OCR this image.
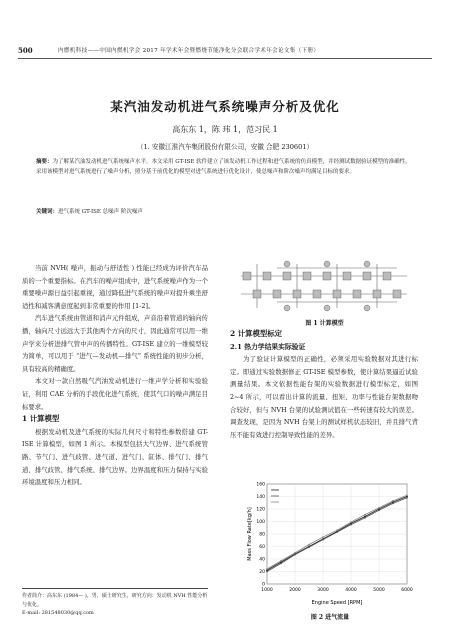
500	内燃机科技——中国内燃机学会 2017 年学术年会暨燃烧节能净化分会联合学术年会论文集（下册）
某汽油发动机进气系统噪声分析及优化
高东东 1，陈 玮 1，范习民 1
（1. 安徽江淮汽车集团股份有限公司，安徽 合肥 230601）
摘要：为了解某汽油发动机进气系统噪声水平，本文采用 GT-ISE 软件建立了该发动机工作过程和进气系统的仿真模型，并经测试数据验证模型的准确性，采用该模型对进气系统进行了噪声分析，照分基于前优化的模型对进气系统进行优化设计，使总噪声和阶次噪声均满足目标的要求。
关键词：进气系统 GT-ISE 总噪声 阶次噪声

当前 NVH( 噪声，振动与舒适性 ) 性能已经成为评价汽车品质的一个重要指标。在汽车的噪声组成中，进气系统噪声作为一个重要噪声源日益引起重视，通过降低进气系统的噪声对提升乘坐舒适性和减客满意度起到非常重要的作用 [1-2]。

汽车进气系统由管道和消声元件组成，声音沿着管道的轴向传播，轴向尺寸远远大于其他两个方向的尺寸，因此通常可以用一维声学来分析进排气管中声的传播特性。GT-ISE 建立的一维模型较为简单，可以用于 “进气—发动机—排气” 系统性能的初步分析，具有较高的精确度。

本文对一款自然吸气汽油发动机进行一维声学分析和实验验证，利用 CAE 分析的手段优化进气系统，使其气口的噪声满足目标要求。

1 计算模型

根据发动机及进气系统的实际几何尺寸和特性参数搭建 GT-ISE 计算模型，如图 1 所示。本模型包括大气边界、进气系统管路、节气门、进气歧管、进气道、进气门、缸体、排气门、排气道、排气歧管、排气系统、排气边界。边界温度和压力保持与实验环境温度和压力相同。

作者简介：高东东 (1984— )，男，硕士研究生，研究方向：发动机 NVH 性能分析与优化。
E-mail: 281548030@qq.com
图 1 计算模型

2 计算模型标定

2.1 热力学结果实际验证

为了验证计算模型的正确性，必须采用实验数据对其进行标定。即通过实验数据修正 GT-ISE 模型参数，使计算结果逼近试验测量结果。本文依据性能台架的实验数据进行模型标定，如图 2~4 所示，可以看出计算的流量、扭矩、功率与性能台架数据吻合较好，但与 NVH 台架的试验测试值在一些转速有较大的误差。调查发现，是因为 NVH 台架上的测试样机状态较旧，并且排气背压不能有效进行控制导致性能的差异。

0
20
40
60
80
100
120
140
160
1000	2000	3000	4000	5000	6000
Engine Speed [RPM]
Mass Flow Rate[kg/h]
图 2 进气流量
